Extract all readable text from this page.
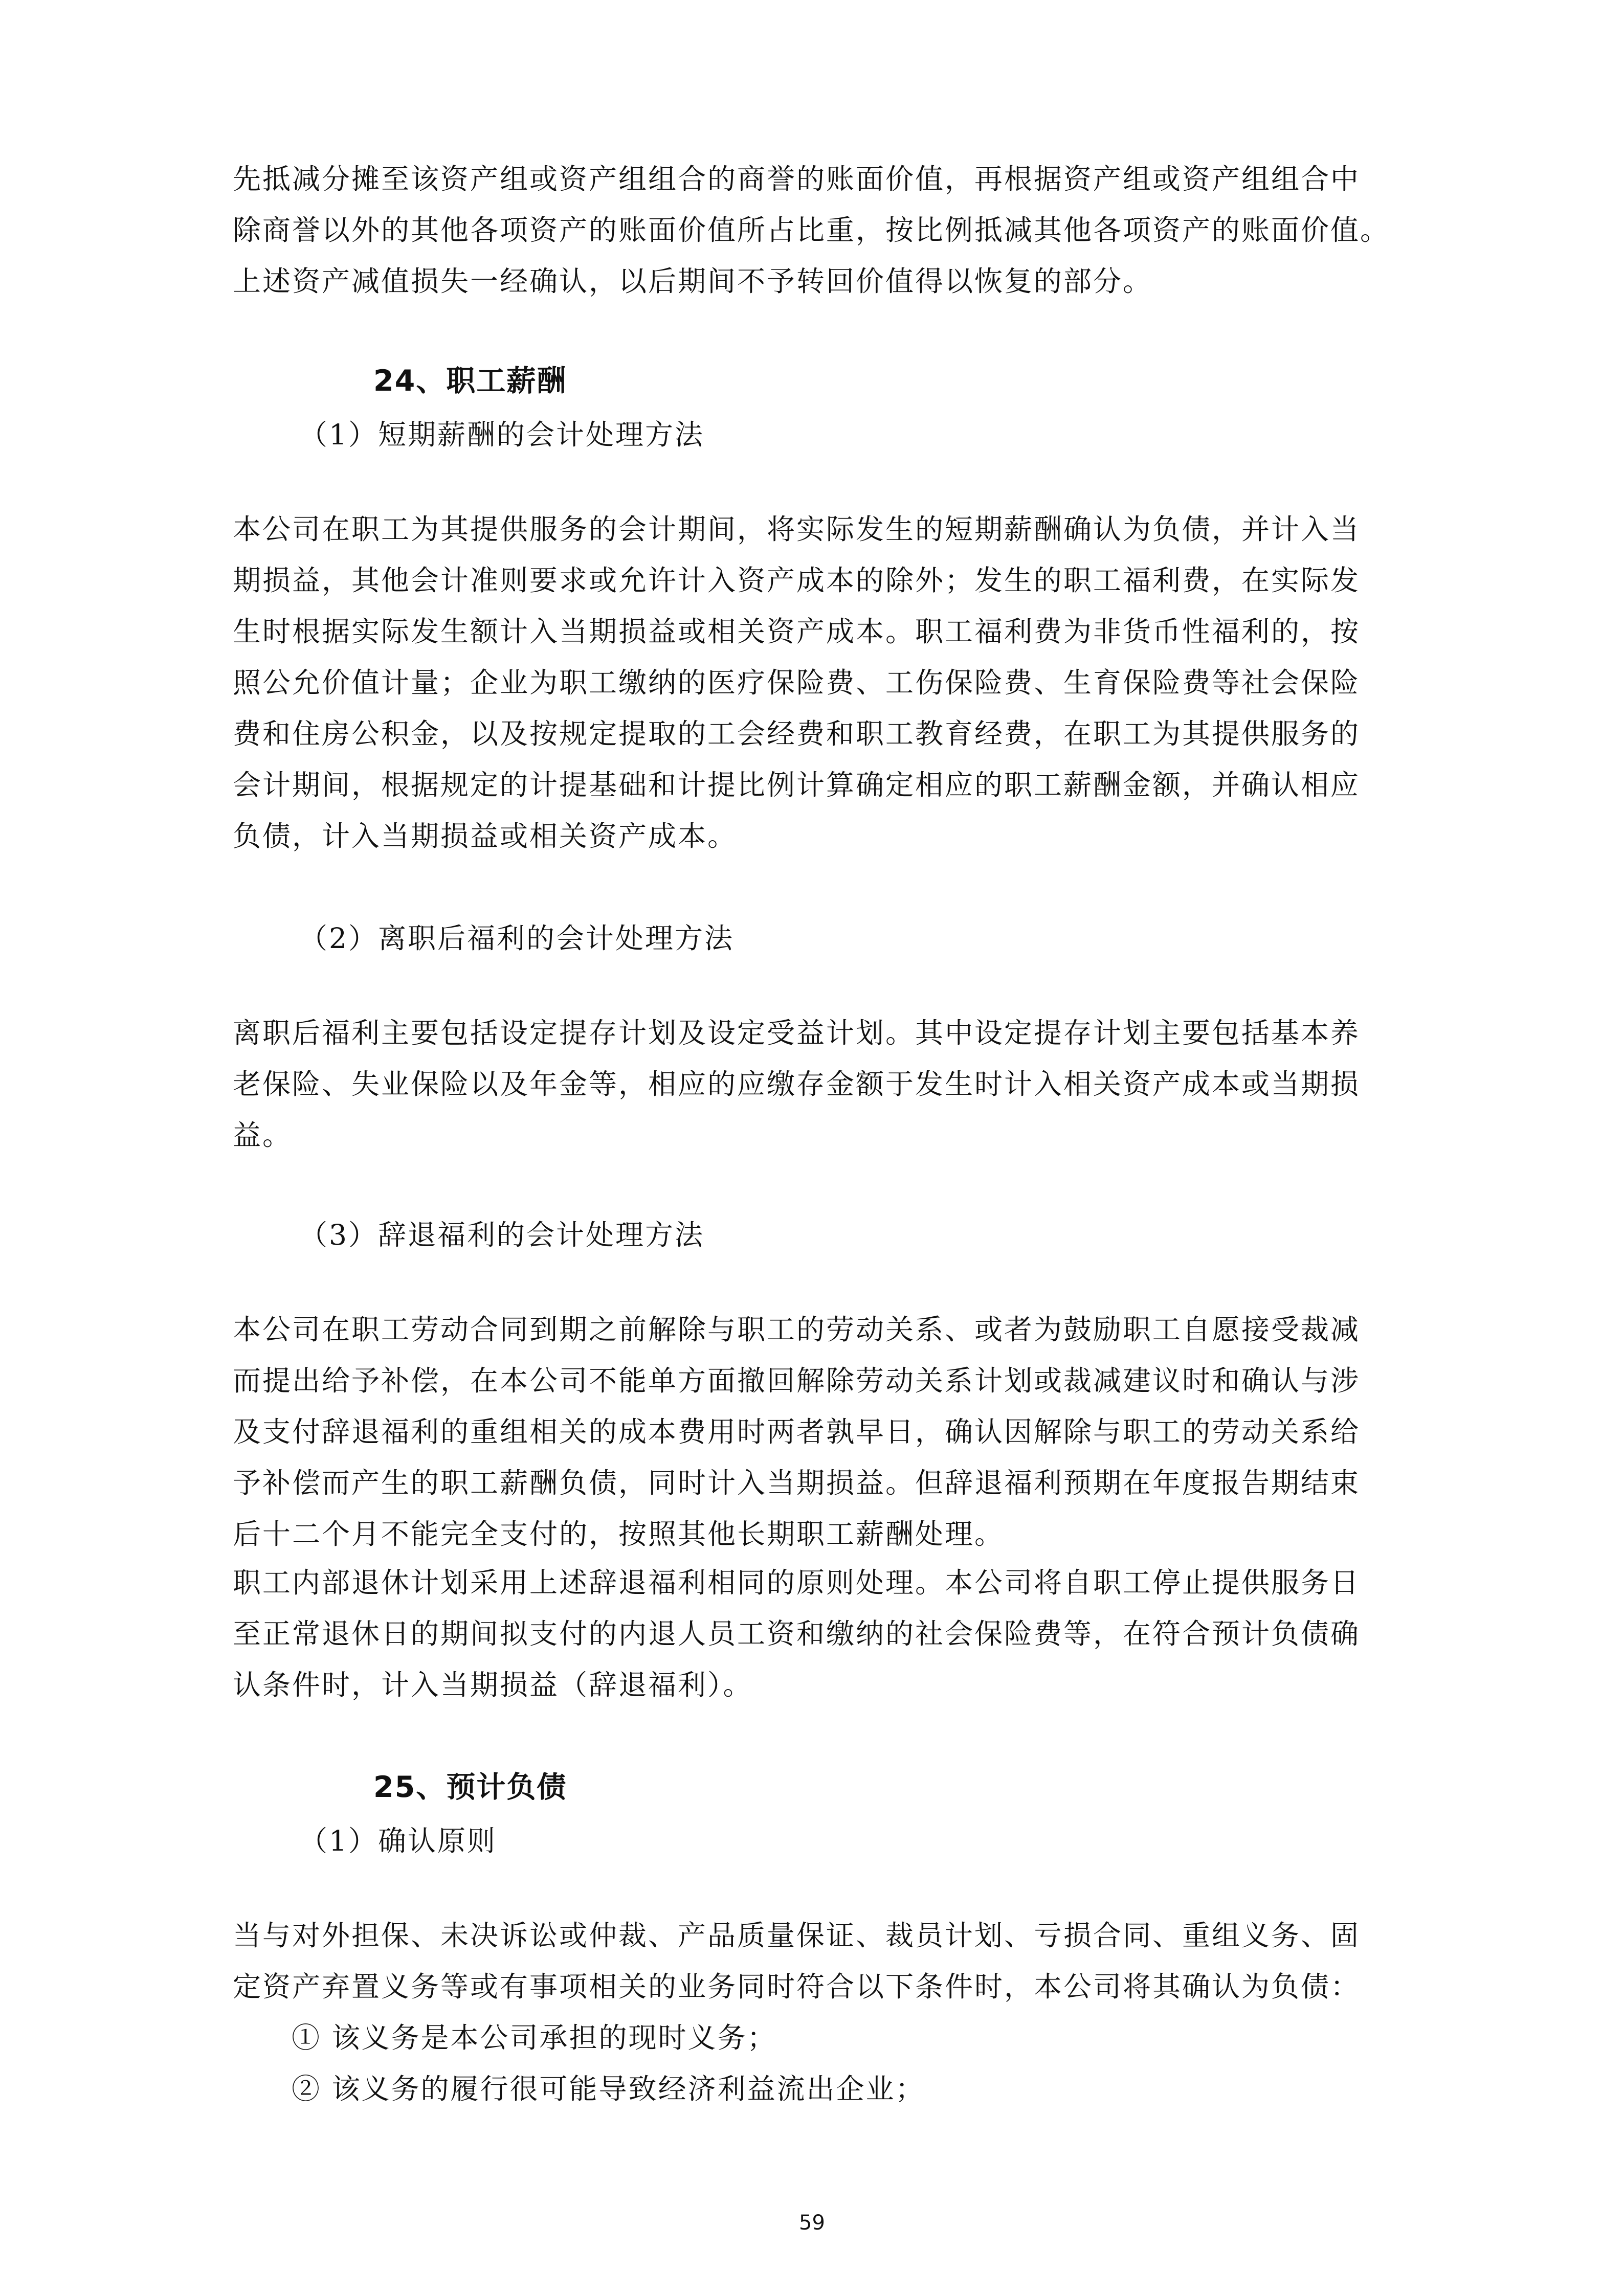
先抵减分摊至该资产组或资产组组合的商誉的账面价值，再根据资产组或资产组组合中

除商誉以外的其他各项资产的账面价值所占比重，按比例抵减其他各项资产的账面价值。

上述资产减值损失一经确认，以后期间不予转回价值得以恢复的部分。

24、职工薪酬

（1）短期薪酬的会计处理方法

本公司在职工为其提供服务的会计期间，将实际发生的短期薪酬确认为负债，并计入当

期损益，其他会计准则要求或允许计入资产成本的除外；发生的职工福利费，在实际发

生时根据实际发生额计入当期损益或相关资产成本。职工福利费为非货币性福利的，按

照公允价值计量；企业为职工缴纳的医疗保险费、工伤保险费、生育保险费等社会保险

费和住房公积金，以及按规定提取的工会经费和职工教育经费，在职工为其提供服务的

会计期间，根据规定的计提基础和计提比例计算确定相应的职工薪酬金额，并确认相应

负债，计入当期损益或相关资产成本。

（2）离职后福利的会计处理方法

离职后福利主要包括设定提存计划及设定受益计划。其中设定提存计划主要包括基本养

老保险、失业保险以及年金等，相应的应缴存金额于发生时计入相关资产成本或当期损

益。

（3）辞退福利的会计处理方法

本公司在职工劳动合同到期之前解除与职工的劳动关系、或者为鼓励职工自愿接受裁减

而提出给予补偿，在本公司不能单方面撤回解除劳动关系计划或裁减建议时和确认与涉

及支付辞退福利的重组相关的成本费用时两者孰早日，确认因解除与职工的劳动关系给

予补偿而产生的职工薪酬负债，同时计入当期损益。但辞退福利预期在年度报告期结束

后十二个月不能完全支付的，按照其他长期职工薪酬处理。

职工内部退休计划采用上述辞退福利相同的原则处理。本公司将自职工停止提供服务日

至正常退休日的期间拟支付的内退人员工资和缴纳的社会保险费等，在符合预计负债确

认条件时，计入当期损益（辞退福利）。

25、预计负债

（1）确认原则

当与对外担保、未决诉讼或仲裁、产品质量保证、裁员计划、亏损合同、重组义务、固

定资产弃置义务等或有事项相关的业务同时符合以下条件时，本公司将其确认为负债：

① 该义务是本公司承担的现时义务；

② 该义务的履行很可能导致经济利益流出企业；

59
